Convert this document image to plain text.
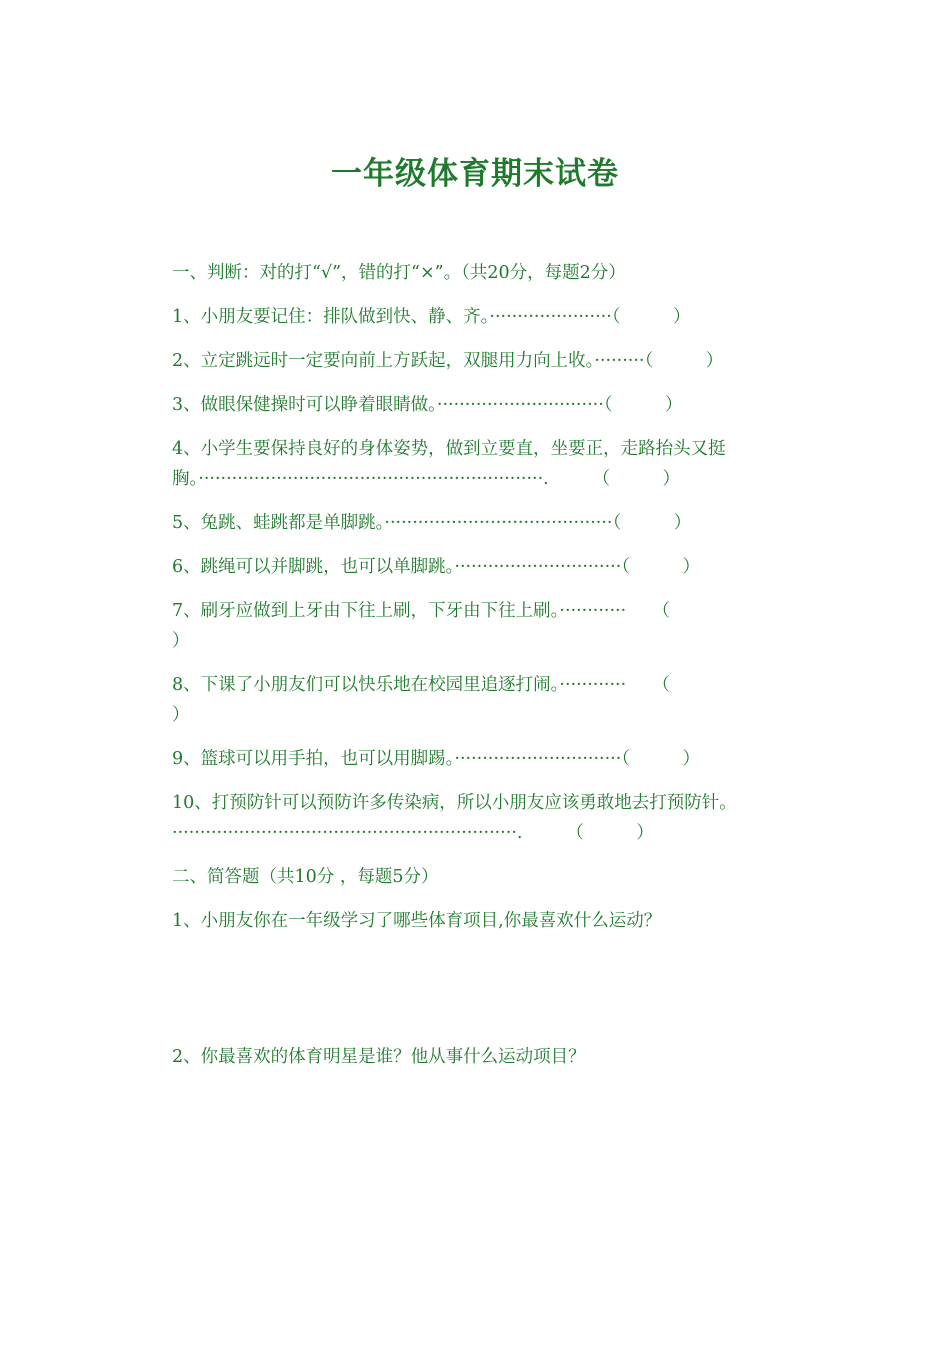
一年级体育期末试卷
一、判断：对的打“√”，错的打“×”。（共20分，每题2分）
1、小朋友要记住：排队做到快、静、齐。······················（　　　）
2、立定跳远时一定要向前上方跃起，双腿用力向上收。·········（　　　）
3、做眼保健操时可以睁着眼睛做。······························（　　　）
4、小学生要保持良好的身体姿势，做到立要直，坐要正，走路抬头又挺
胸。······························································.　　　（　　　）
5、兔跳、蛙跳都是单脚跳。·········································（　　　）
6、跳绳可以并脚跳，也可以单脚跳。······························（　　　）
7、刷牙应做到上牙由下往上刷，下牙由下往上刷。············　　（
）
8、下课了小朋友们可以快乐地在校园里追逐打闹。············　　（
）
9、篮球可以用手拍，也可以用脚踢。······························（　　　）
10、打预防针可以预防许多传染病，所以小朋友应该勇敢地去打预防针。
······························································.　　　（　　　）
二、简答题（共10分 ，每题5分）
1、小朋友你在一年级学习了哪些体育项目,你最喜欢什么运动？
2、你最喜欢的体育明星是谁？他从事什么运动项目？
